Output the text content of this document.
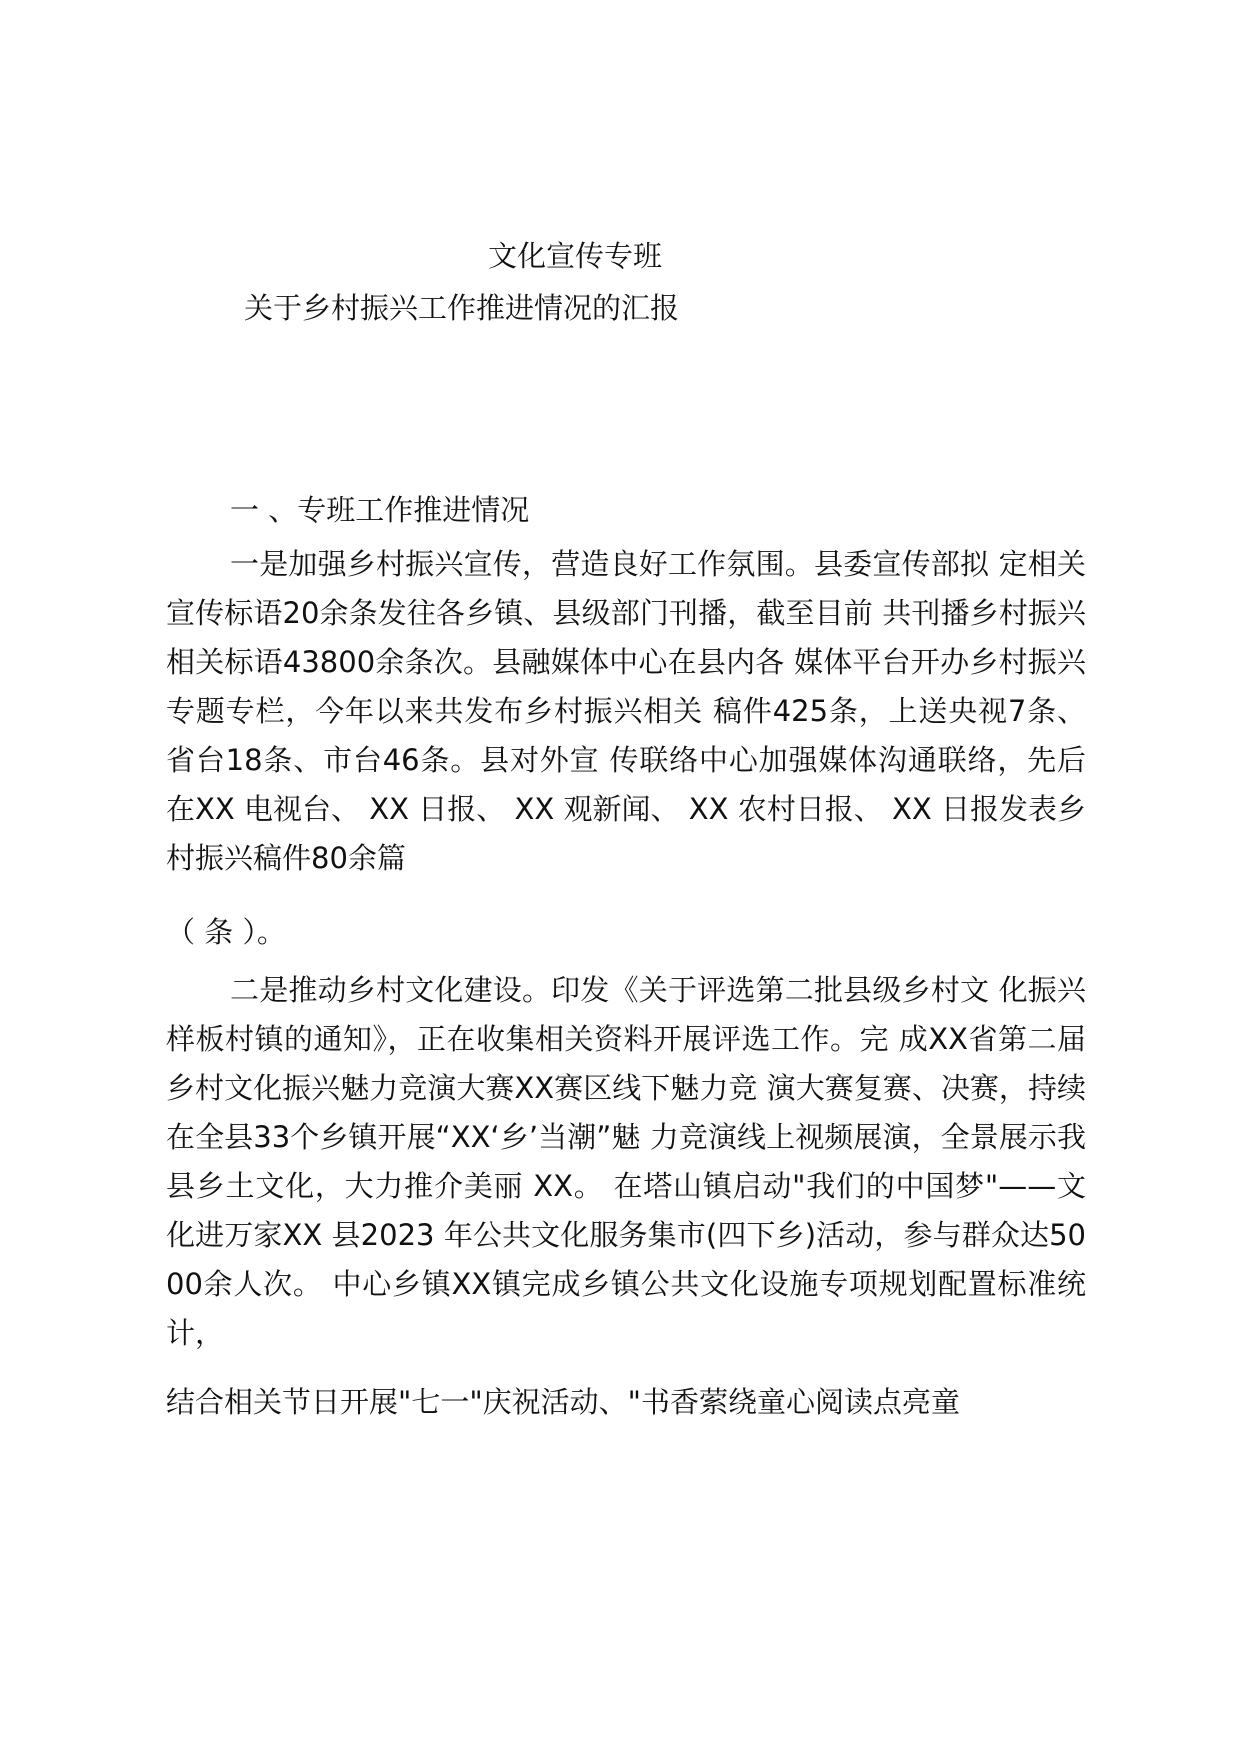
文化宣传专班
关于乡村振兴工作推进情况的汇报
一 、专班工作推进情况

一是加强乡村振兴宣传，营造良好工作氛围。县委宣传部拟 定相关宣传标语20余条发往各乡镇、县级部门刊播，截至目前 共刊播乡村振兴相关标语43800余条次。县融媒体中心在县内各 媒体平台开办乡村振兴专题专栏，今年以来共发布乡村振兴相关 稿件425条，上送央视7条、省台18条、市台46条。县对外宣 传联络中心加强媒体沟通联络，先后在XX 电视台、 XX 日报、 XX 观新闻、 XX 农村日报、 XX 日报发表乡村振兴稿件80余篇

（ 条 ）。

二是推动乡村文化建设。印发《关于评选第二批县级乡村文 化振兴样板村镇的通知》，正在收集相关资料开展评选工作。完 成XX省第二届乡村文化振兴魅力竞演大赛XX赛区线下魅力竞 演大赛复赛、决赛，持续在全县33个乡镇开展“XX‘乡’当潮”魅 力竞演线上视频展演，全景展示我县乡土文化，大力推介美丽 XX。 在塔山镇启动"我们的中国梦"——文化进万家XX 县2023 年公共文化服务集市(四下乡)活动，参与群众达5000余人次。 中心乡镇XX镇完成乡镇公共文化设施专项规划配置标准统计，

结合相关节日开展"七一"庆祝活动、"书香萦绕童心阅读点亮童
